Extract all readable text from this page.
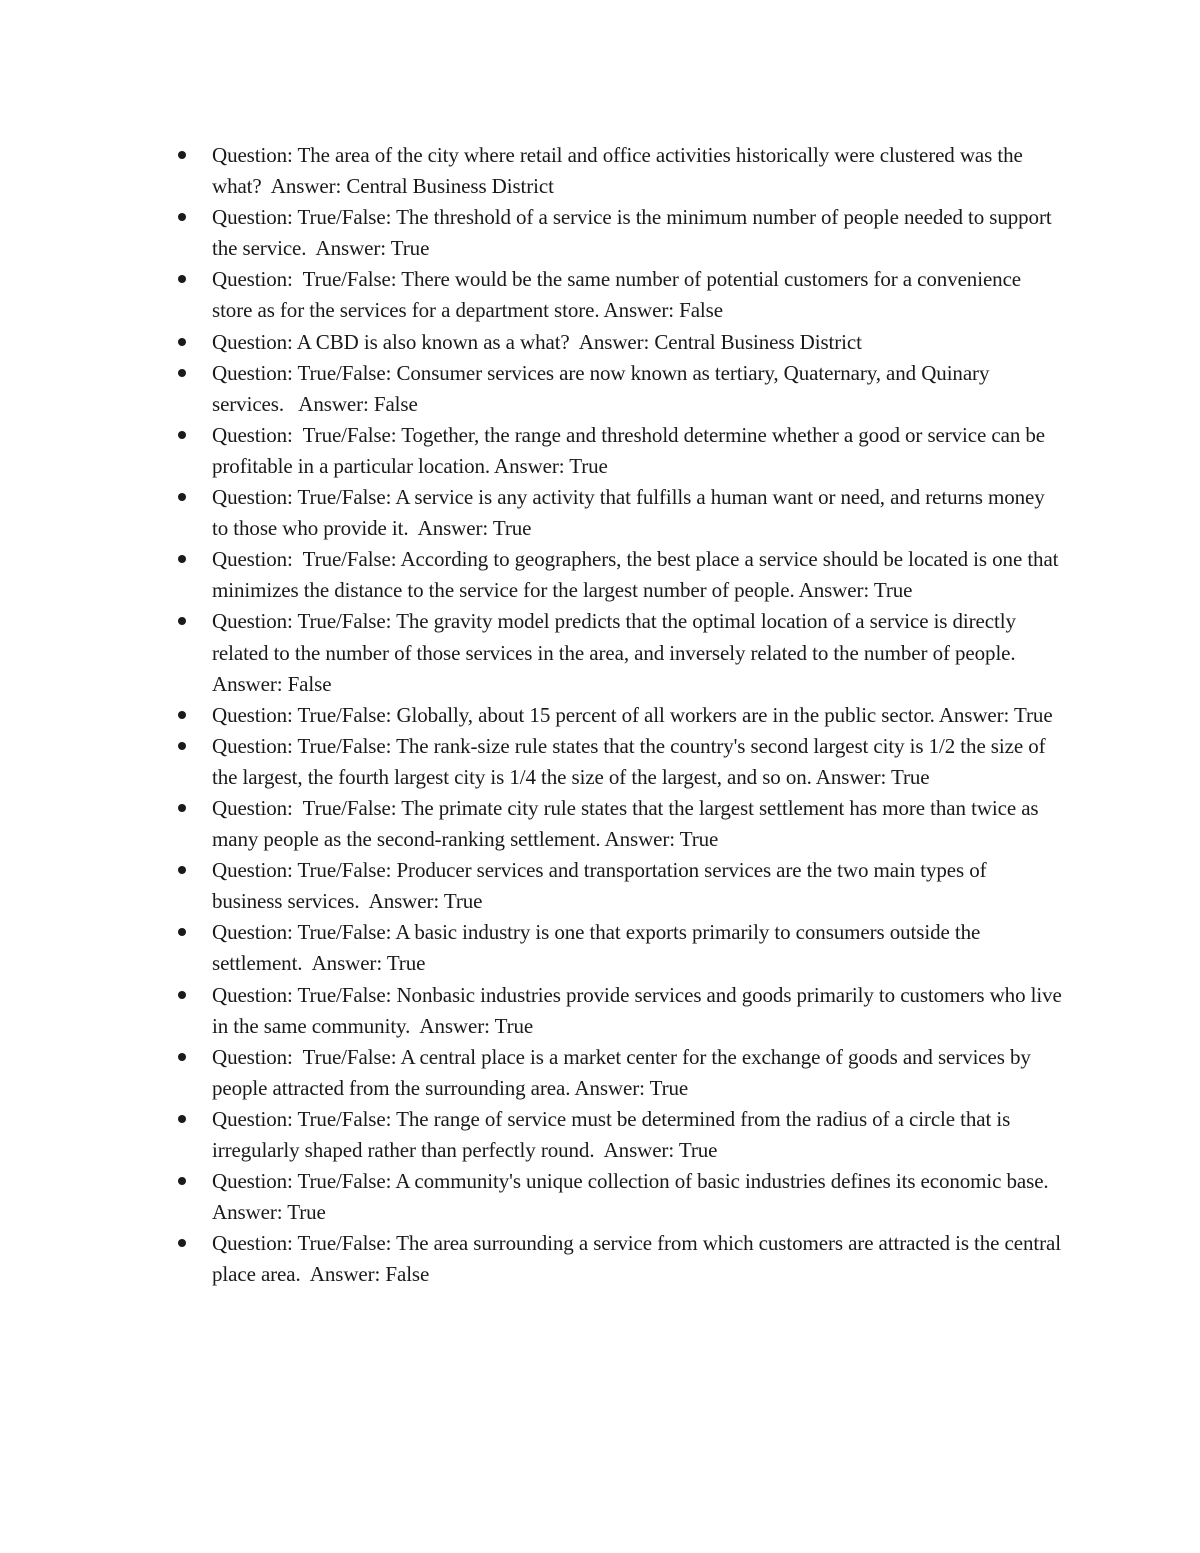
Question: The area of the city where retail and office activities historically were clustered was the what?  Answer: Central Business District
Question: True/False: The threshold of a service is the minimum number of people needed to support the service.  Answer: True
Question:  True/False: There would be the same number of potential customers for a convenience store as for the services for a department store. Answer: False
Question: A CBD is also known as a what?  Answer: Central Business District
Question: True/False: Consumer services are now known as tertiary, Quaternary, and Quinary services.   Answer: False
Question:  True/False: Together, the range and threshold determine whether a good or service can be profitable in a particular location. Answer: True
Question: True/False: A service is any activity that fulfills a human want or need, and returns money to those who provide it.  Answer: True
Question:  True/False: According to geographers, the best place a service should be located is one that minimizes the distance to the service for the largest number of people. Answer: True
Question: True/False: The gravity model predicts that the optimal location of a service is directly related to the number of those services in the area, and inversely related to the number of people.  Answer: False
Question: True/False: Globally, about 15 percent of all workers are in the public sector. Answer: True
Question: True/False: The rank-size rule states that the country's second largest city is 1/2 the size of the largest, the fourth largest city is 1/4 the size of the largest, and so on. Answer: True
Question:  True/False: The primate city rule states that the largest settlement has more than twice as many people as the second-ranking settlement. Answer: True
Question: True/False: Producer services and transportation services are the two main types of business services.  Answer: True
Question: True/False: A basic industry is one that exports primarily to consumers outside the settlement.  Answer: True
Question: True/False: Nonbasic industries provide services and goods primarily to customers who live in the same community.  Answer: True
Question:  True/False: A central place is a market center for the exchange of goods and services by people attracted from the surrounding area. Answer: True
Question: True/False: The range of service must be determined from the radius of a circle that is irregularly shaped rather than perfectly round.  Answer: True
Question: True/False: A community's unique collection of basic industries defines its economic base.   Answer: True
Question: True/False: The area surrounding a service from which customers are attracted is the central place area.  Answer: False
